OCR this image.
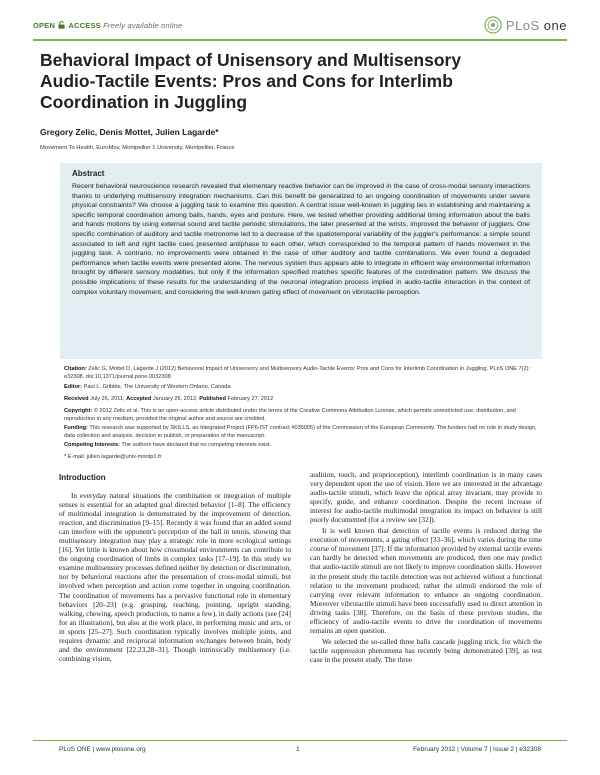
OPEN ACCESS Freely available online	PLoS
one
Behavioral Impact of Unisensory and Multisensory Audio-Tactile Events: Pros and Cons for Interlimb Coordination in Juggling
Gregory Zelic, Denis Mottet, Julien Lagarde*
Movement To Health, EuroMov, Montpellier 1 University, Montpellier, France
Abstract

Recent behavioral neuroscience research revealed that elementary reactive behavior can be improved in the case of cross-modal sensory interactions thanks to underlying multisensory integration mechanisms. Can this benefit be generalized to an ongoing coordination of movements under severe physical constraints? We choose a juggling task to examine this question. A central issue well-known in juggling lies in establishing and maintaining a specific temporal coordination among balls, hands, eyes and posture. Here, we tested whether providing additional timing information about the balls and hands motions by using external sound and tactile periodic stimulations, the later presented at the wrists, improved the behavior of jugglers. One specific combination of auditory and tactile metronome led to a decrease of the spatiotemporal variability of the juggler's performance: a simple sound associated to left and right tactile cues presented antiphase to each other, which corresponded to the temporal pattern of hands movement in the juggling task. A contrario, no improvements were obtained in the case of other auditory and tactile combinations. We even found a degraded performance when tactile events were presented alone. The nervous system thus appears able to integrate in efficient way environmental information brought by different sensory modalities, but only if the information specified matches specific features of the coordination pattern. We discuss the possible implications of these results for the understanding of the neuronal integration process implied in audio-tactile interaction in the context of complex voluntary movement, and considering the well-known gating effect of movement on vibrotactile perception.

Citation: Zelic G, Mottet D, Lagarde J (2012) Behavioral Impact of Unisensory and Multisensory Audio-Tactile Events: Pros and Cons for Interlimb Coordination in Juggling. PLoS ONE 7(2): e32308. doi:10.1371/journal.pone.0032308
Editor: Paul L. Gribble, The University of Western Ontario, Canada
Received July 26, 2011; Accepted January 26, 2012; Published February 27, 2012
Copyright: © 2012 Zelic et al. This is an open-access article distributed under the terms of the Creative Commons Attribution License, which permits unrestricted use, distribution, and reproduction in any medium, provided the original author and source are credited.
Funding: This research was supported by SKILLS, an Integrated Project (FP6-IST contract #035005) of the Commission of the European Community. The funders had no role in study design, data collection and analysis, decision to publish, or preparation of the manuscript.
Competing Interests: The authors have declared that no competing interests exist.
* E-mail: julien.lagarde@univ-montp1.fr
Introduction

In everyday natural situations the combination or integration of multiple senses is essential for an adapted goal directed behavior [1–8]. The efficiency of multimodal integration is demonstrated by the improvement of detection, reaction, and discrimination [9–15]. Recently it was found that an added sound can interfere with the opponent's perception of the ball in tennis, showing that multisensory integration may play a strategic role in more ecological settings [16]. Yet little is known about how crossmodal environments can contribute to the ongoing coordination of limbs in complex tasks [17–19]. In this study we examine multisensory processes defined neither by detection or discrimination, nor by behavioral reactions after the presentation of cross-modal stimuli, but involved when perception and action come together in ongoing coordination. The coordination of movements has a pervasive functional role in elementary behaviors [20–23] (e.g. grasping, reaching, pointing, upright standing, walking, chewing, speech production, to name a few), in daily actions (see [24] for an illustration), but also at the work place, in performing music and arts, or in sports [25–27]. Such coordination typically involves multiple joints, and requires dynamic and reciprocal information exchanges between brain, body and the environment [22,23,28–31]. Though intrinsically multisensory (i.e. combining vision,

audition, touch, and proprioception), interlimb coordination is in many cases very dependent upon the use of vision. Here we are interested in the advantage audio-tactile stimuli, which leave the optical array invariant, may provide to specify, guide, and enhance coordination. Despite the recent increase of interest for audio-tactile multimodal integration its impact on behavior is still poorly documented (for a review see [32]).

It is well known that detection of tactile events is reduced during the execution of movements, a gating effect [33–36], which varies during the time course of movement [37]. If the information provided by external tactile events can hardly be detected when movements are produced, then one may predict that audio-tactile stimuli are not likely to improve coordination skills. However in the present study the tactile detection was not achieved without a functional relation to the movement produced; rather the stimuli endorsed the role of carrying over relevant information to enhance an ongoing coordination. Moreover vibrotactile stimuli have been successfully used to direct attention in driving tasks [38]. Therefore, on the basis of these previous studies, the efficiency of audio-tactile events to drive the coordination of movements remains an open question.

We selected the so-called three balls cascade juggling trick, for which the tactile suppression phenomena has recently being demonstrated [39], as test case in the present study. The three

PLoS ONE | www.plosone.org	1	February 2012 | Volume 7 | Issue 2 | e32308
